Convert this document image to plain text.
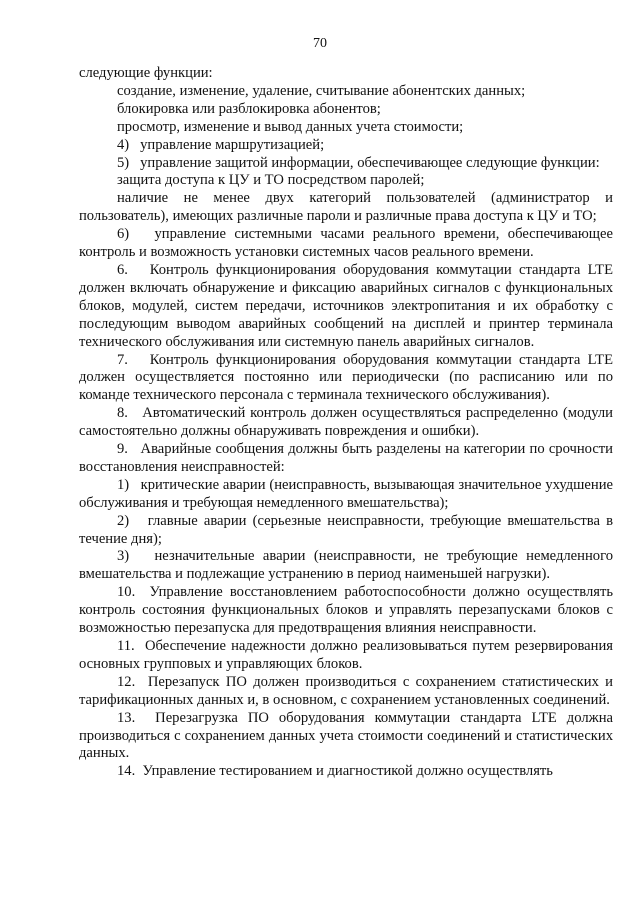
70

следующие функции:

создание, изменение, удаление, считывание абонентских данных;

блокировка или разблокировка абонентов;

просмотр, изменение и вывод данных учета стоимости;

4)   управление маршрутизацией;

5)   управление защитой информации, обеспечивающее следующие функции:

защита доступа к ЦУ и ТО посредством паролей;

наличие не менее двух категорий пользователей (администратор и пользователь), имеющих различные пароли и различные права доступа к ЦУ и ТО;

6)   управление системными часами реального времени, обеспечивающее контроль и возможность установки системных часов реального времени.

6.   Контроль функционирования оборудования коммутации стандарта LTE должен включать обнаружение и фиксацию аварийных сигналов с функциональных блоков, модулей, систем передачи, источников электропитания и их обработку с последующим выводом аварийных сообщений на дисплей и принтер терминала технического обслуживания или системную панель аварийных сигналов.

7.   Контроль функционирования оборудования коммутации стандарта LTE должен осуществляется постоянно или периодически (по расписанию или по команде технического персонала с терминала технического обслуживания).

8.   Автоматический контроль должен осуществляться распределенно (модули самостоятельно должны обнаруживать повреждения и ошибки).

9.   Аварийные сообщения должны быть разделены на категории по срочности восстановления неисправностей:

1)   критические аварии (неисправность, вызывающая значительное ухудшение обслуживания и требующая немедленного вмешательства);

2)   главные аварии (серьезные неисправности, требующие вмешательства в течение дня);

3)   незначительные аварии (неисправности, не требующие немедленного вмешательства и подлежащие устранению в период наименьшей нагрузки).

10.  Управление восстановлением работоспособности должно осуществлять контроль состояния функциональных блоков и управлять перезапусками блоков с возможностью перезапуска для предотвращения влияния неисправности.

11.  Обеспечение надежности должно реализовываться путем резервирования основных групповых и управляющих блоков.

12.  Перезапуск ПО должен производиться с сохранением статистических и тарификационных данных и, в основном, с сохранением установленных соединений.

13.  Перезагрузка ПО оборудования коммутации стандарта LTE должна производиться с сохранением данных учета стоимости соединений и статистических данных.

14.  Управление тестированием и диагностикой должно осуществлять
